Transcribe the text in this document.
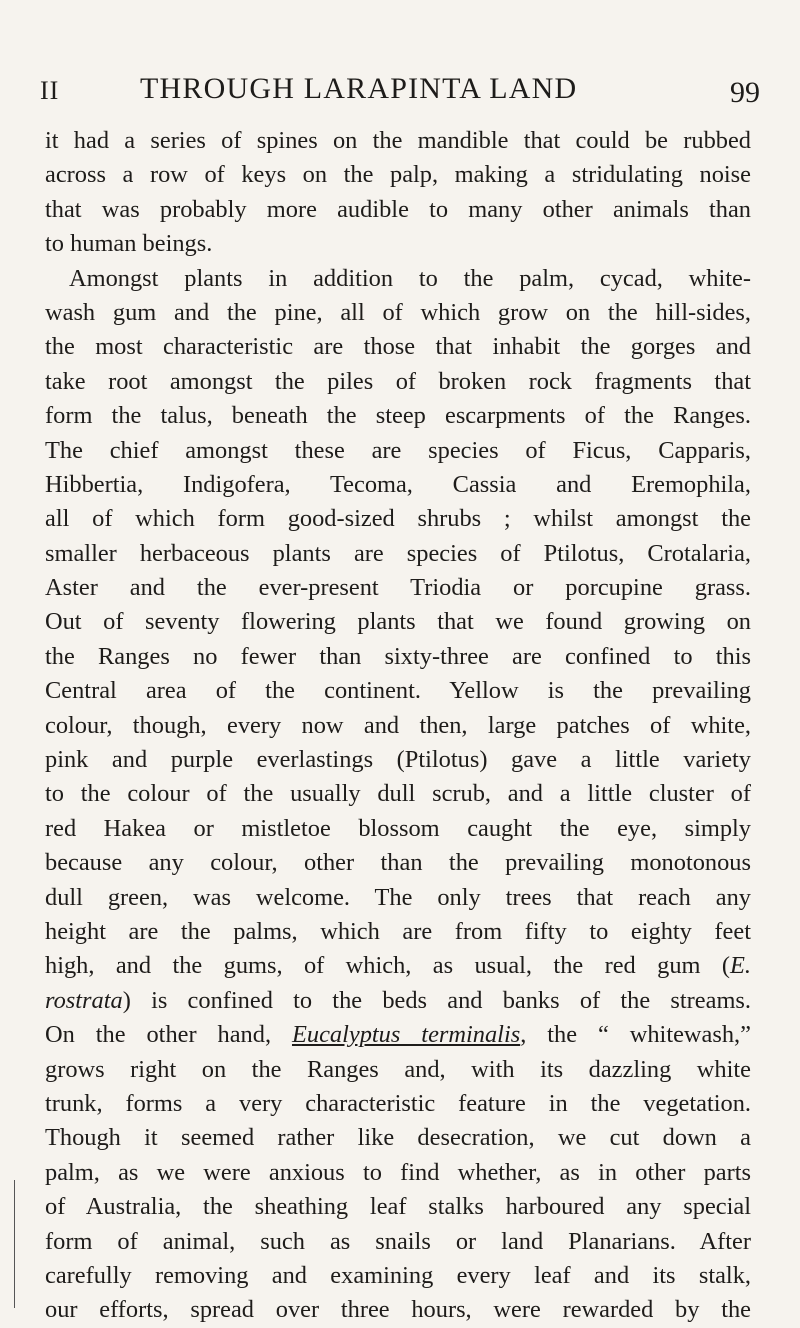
II	THROUGH LARAPINTA LAND	99
it had a series of spines on the mandible that could be rubbed
across a row of keys on the palp, making a stridulating noise
that was probably more audible to many other animals than
to human beings.
Amongst plants in addition to the palm, cycad, white-
wash gum and the pine, all of which grow on the hill-sides,
the most characteristic are those that inhabit the gorges and
take root amongst the piles of broken rock fragments that
form the talus, beneath the steep escarpments of the Ranges.
The chief amongst these are species of Ficus, Capparis,
Hibbertia, Indigofera, Tecoma, Cassia and Eremophila,
all of which form good-sized shrubs ; whilst amongst the
smaller herbaceous plants are species of Ptilotus, Crotalaria,
Aster and the ever-present Triodia or porcupine grass.
Out of seventy flowering plants that we found growing on
the Ranges no fewer than sixty-three are confined to this
Central area of the continent. Yellow is the prevailing
colour, though, every now and then, large patches of white,
pink and purple everlastings (Ptilotus) gave a little variety
to the colour of the usually dull scrub, and a little cluster of
red Hakea or mistletoe blossom caught the eye, simply
because any colour, other than the prevailing monotonous
dull green, was welcome. The only trees that reach any
height are the palms, which are from fifty to eighty feet
high, and the gums, of which, as usual, the red gum (E.
rostrata) is confined to the beds and banks of the streams.
On the other hand, Eucalyptus terminalis, the “ whitewash,”
grows right on the Ranges and, with its dazzling white
trunk, forms a very characteristic feature in the vegetation.
Though it seemed rather like desecration, we cut down a
palm, as we were anxious to find whether, as in other parts
of Australia, the sheathing leaf stalks harboured any special
form of animal, such as snails or land Planarians. After
carefully removing and examining every leaf and its stalk,
our efforts, spread over three hours, were rewarded by the
